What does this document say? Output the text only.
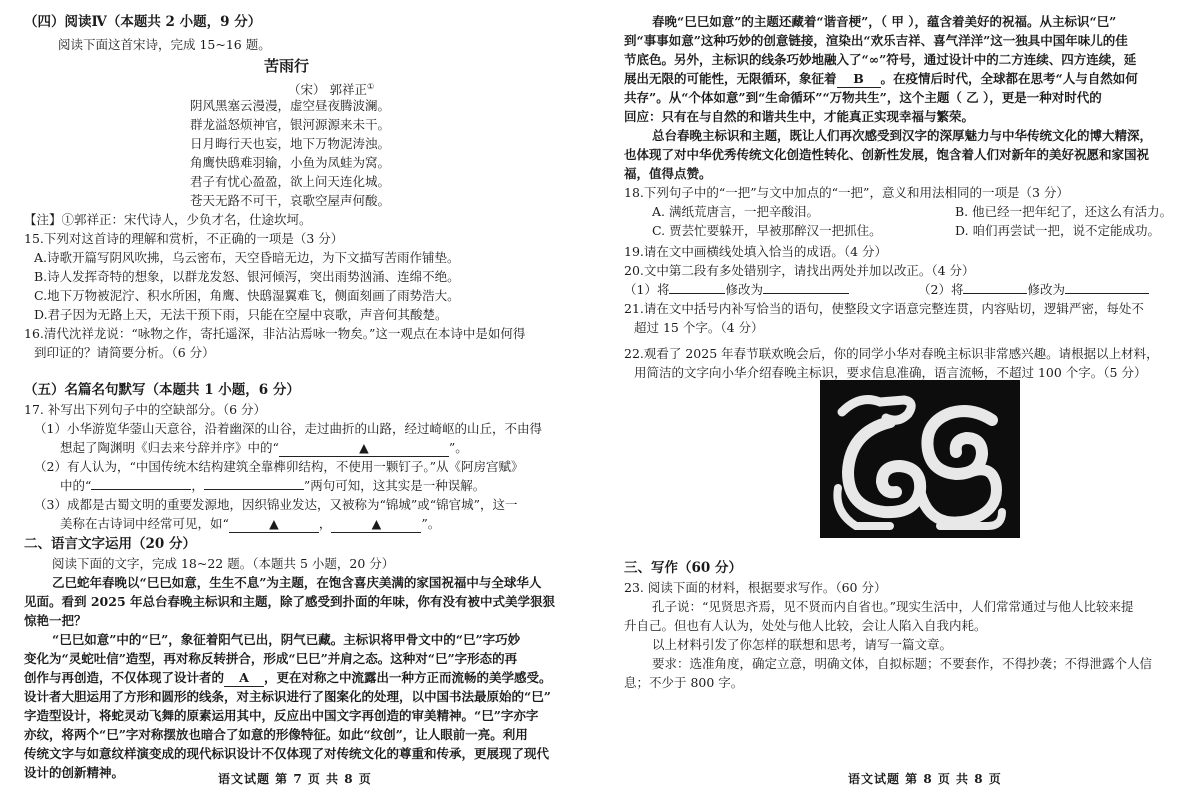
（四）阅读Ⅳ（本题共 2 小题，9 分）
阅读下面这首宋诗，完成 15~16 题。
苦雨行
（宋） 郭祥正①
阴风黑塞云漫漫，虚空昼夜腾波澜。
群龙溢怒烦神官，银河源源来未干。
日月晦行天也妄，地下万物泥涛浊。
角鹰快鸱难羽输，小鱼为凤蛙为窝。
君子有忧心盈盈，欲上问天连化城。
苍天无路不可干，哀歌空屋声何酸。
【注】①郭祥正：宋代诗人，少负才名，仕途坎坷。
15.下列对这首诗的理解和赏析，不正确的一项是（3 分）
A.诗歌开篇写阴风吹拂，乌云密布，天空昏暗无边，为下文描写苦雨作铺垫。
B.诗人发挥奇特的想象，以群龙发怒、银河倾泻，突出雨势汹涌、连绵不绝。
C.地下万物被泥泞、积水所困，角鹰、快鸱湿翼难飞，侧面刻画了雨势浩大。
D.君子因为无路上天，无法干预下雨，只能在空屋中哀歌，声音何其酸楚。
16.清代沈祥龙说：“咏物之作，寄托遥深，非沾沾焉咏一物矣。”这一观点在本诗中是如何得
到印证的？请简要分析。（6 分）
（五）名篇名句默写（本题共 1 小题，6 分）
17. 补写出下列句子中的空缺部分。（6 分）
（1）小华游览华蓥山天意谷，沿着幽深的山谷，走过曲折的山路，经过崎岖的山丘，不由得
想起了陶渊明《归去来兮辞并序》中的“	▲	”。
（2）有人认为，“中国传统木结构建筑全靠榫卯结构，不使用一颗钉子。”从《阿房宫赋》
中的“	，	”两句可知，这其实是一种误解。
（3）成都是古蜀文明的重要发源地，因织锦业发达，又被称为“锦城”或“锦官城”，这一
美称在古诗词中经常可见，如“	▲	，	▲	”。
二、语言文字运用（20 分）
阅读下面的文字，完成 18~22 题。（本题共 5 小题，20 分）
乙巳蛇年春晚以“巳巳如意，生生不息”为主题，在饱含喜庆美满的家国祝福中与全球华人
见面。看到 2025 年总台春晚主标识和主题，除了感受到扑面的年味，你有没有被中式美学狠狠
惊艳一把？
“巳巳如意”中的“巳”，象征着阳气已出，阴气已藏。主标识将甲骨文中的“巳”字巧妙
变化为“灵蛇吐信”造型，再对称反转拼合，形成“巳巳”并肩之态。这种对“巳”字形态的再
创作与再创造，不仅体现了设计者的 A ，更在对称之中流露出一种方正而流畅的美学感受。
设计者大胆运用了方形和圆形的线条，对主标识进行了图案化的处理，以中国书法最原始的“巳”
字造型设计，将蛇灵动飞舞的原素运用其中，反应出中国文字再创造的审美精神。“巳”字亦字
亦纹，将两个“巳”字对称摆放也暗合了如意的形像特征。如此“纹创”，让人眼前一亮。利用
传统文字与如意纹样演变成的现代标识设计不仅体现了对传统文化的尊重和传承，更展现了现代
设计的创新精神。	语文试题 第 7 页 共 8 页
春晚“巳巳如意”的主题还藏着“谐音梗”，（ 甲 ），蕴含着美好的祝福。从主标识“巳”
到“事事如意”这种巧妙的创意链接，渲染出“欢乐吉祥、喜气洋洋”这一独具中国年味儿的佳
节底色。另外，主标识的线条巧妙地融入了“∞”符号，通过设计中的二方连续、四方连续，延
展出无限的可能性，无限循环，象征着 B 。在疫情后时代，全球都在思考“人与自然如何
共存”。从“个体如意”到“生命循环”“万物共生”，这个主题（ 乙 ），更是一种对时代的
回应：只有在与自然的和谐共生中，才能真正实现幸福与繁荣。
总台春晚主标识和主题，既让人们再次感受到汉字的深厚魅力与中华传统文化的博大精深，
也体现了对中华优秀传统文化创造性转化、创新性发展，饱含着人们对新年的美好祝愿和家国祝
福，值得点赞。
18.下列句子中的“一把”与文中加点的“一把”，意义和用法相同的一项是（3 分）
A. 满纸荒唐言，一把辛酸泪。	B. 他已经一把年纪了，还这么有活力。
C. 贾芸忙要躲开，早被那醉汉一把抓住。	D. 咱们再尝试一把，说不定能成功。
19.请在文中画横线处填入恰当的成语。（4 分）
20.文中第二段有多处错别字，请找出两处并加以改正。（4 分）
（1）将	修改为	（2）将	修改为
21.请在文中括号内补写恰当的语句，使整段文字语意完整连贯，内容贴切，逻辑严密，每处不
超过 15 个字。（4 分）
22.观看了 2025 年春节联欢晚会后，你的同学小华对春晚主标识非常感兴趣。请根据以上材料，
用简洁的文字向小华介绍春晚主标识，要求信息准确，语言流畅，不超过 100 个字。（5 分）
三、写作（60 分）
23. 阅读下面的材料，根据要求写作。（60 分）
孔子说：“见贤思齐焉，见不贤而内自省也。”现实生活中，人们常常通过与他人比较来提
升自己。但也有人认为，处处与他人比较，会让人陷入自我内耗。
以上材料引发了你怎样的联想和思考，请写一篇文章。
要求：选准角度，确定立意，明确文体，自拟标题；不要套作，不得抄袭；不得泄露个人信
息；不少于 800 字。
语文试题 第 8 页 共 8 页
